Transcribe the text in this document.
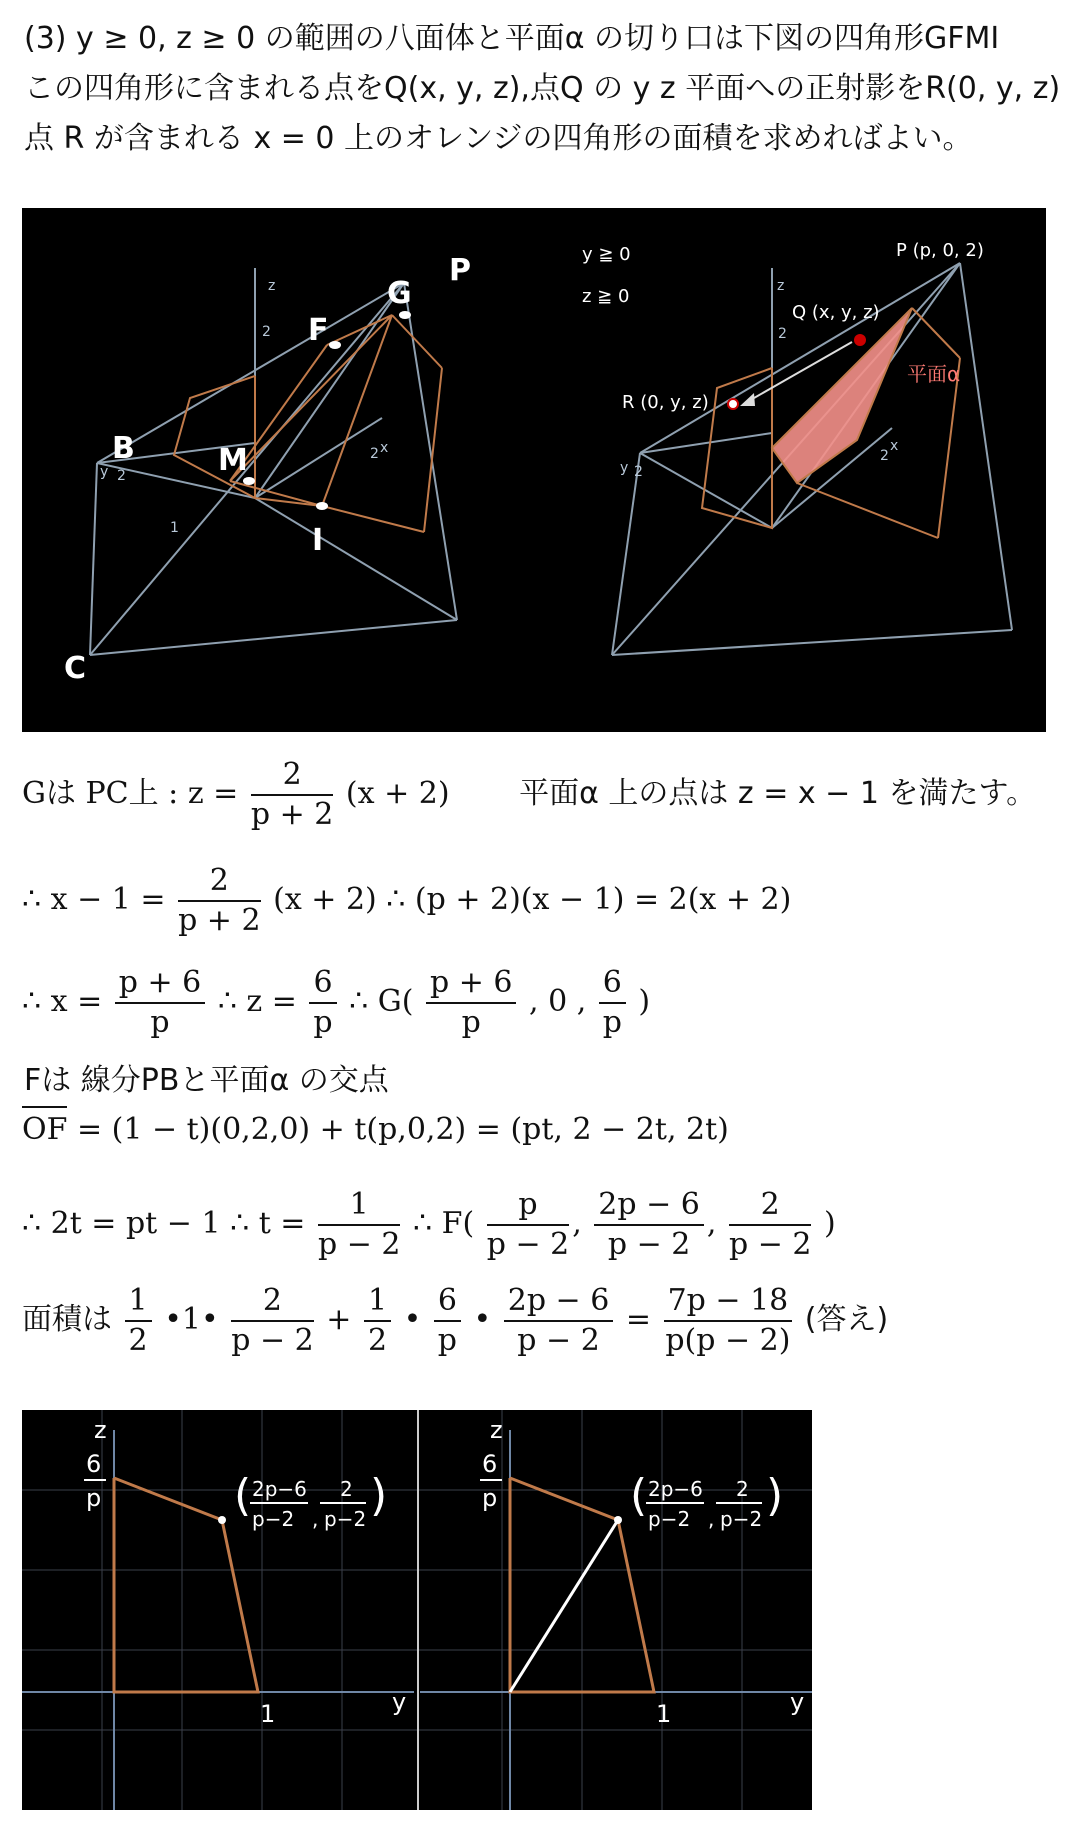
(3) y ≥ 0, z ≥ 0 の範囲の八面体と平面α の切り口は下図の四角形GFMI
この四角形に含まれる点をQ(x, y, z),点Q の y z 平面への正射影をR(0, y, z)
点 R が含まれる x = 0 上のオレンジの四角形の面積を求めればよい。
P
G
F
B	M
I
C
z
y
x
2
2
2
1
y ≧ 0
z ≧ 0
P (p, 0, 2)
Q (x, y, z)
R (0, y, z)
平面α
z
y
x
2
2
2
Gは PC上 : $z = \frac{2}{p + 2} (x + 2)$ 平面α 上の点は z = x − 1 を満たす。
∴ $x - 1 = \frac{2}{p + 2} (x + 2)$ ∴ (p + 2)(x − 1) = 2(x + 2)
∴ $x = \frac{p + 6}{p}$ ∴ $z = \frac{6}{p}$ ∴ $G( \frac{p + 6}{p}$ , 0 , $\frac{6}{p}$ )
Fは 線分PBと平面α の交点
OF = (1 − t)(0,2,0) + t(p,0,2) = (pt, 2 − 2t, 2t)
∴ 2t = pt − 1 ∴ $t = \frac{1}{p - 2}$ ∴ $F( \frac{p}{p - 2}$ , $\frac{2p - 6}{p - 2}$ , $\frac{2}{p - 2}$ )
面積は $\frac{1}{2}$ •1• $\frac{2}{p - 2} + \frac{1}{2}$ • $\frac{6}{p}$ • $\frac{2p - 6}{p - 2} = \frac{7p - 18}{p(p - 2)}$ (答え)
z
6
p
1	y
z
6
p
1	y
( 2p−6
p−2 ,
2
p−2 )	( 2p−6
p−2 ,
2
p−2 )
